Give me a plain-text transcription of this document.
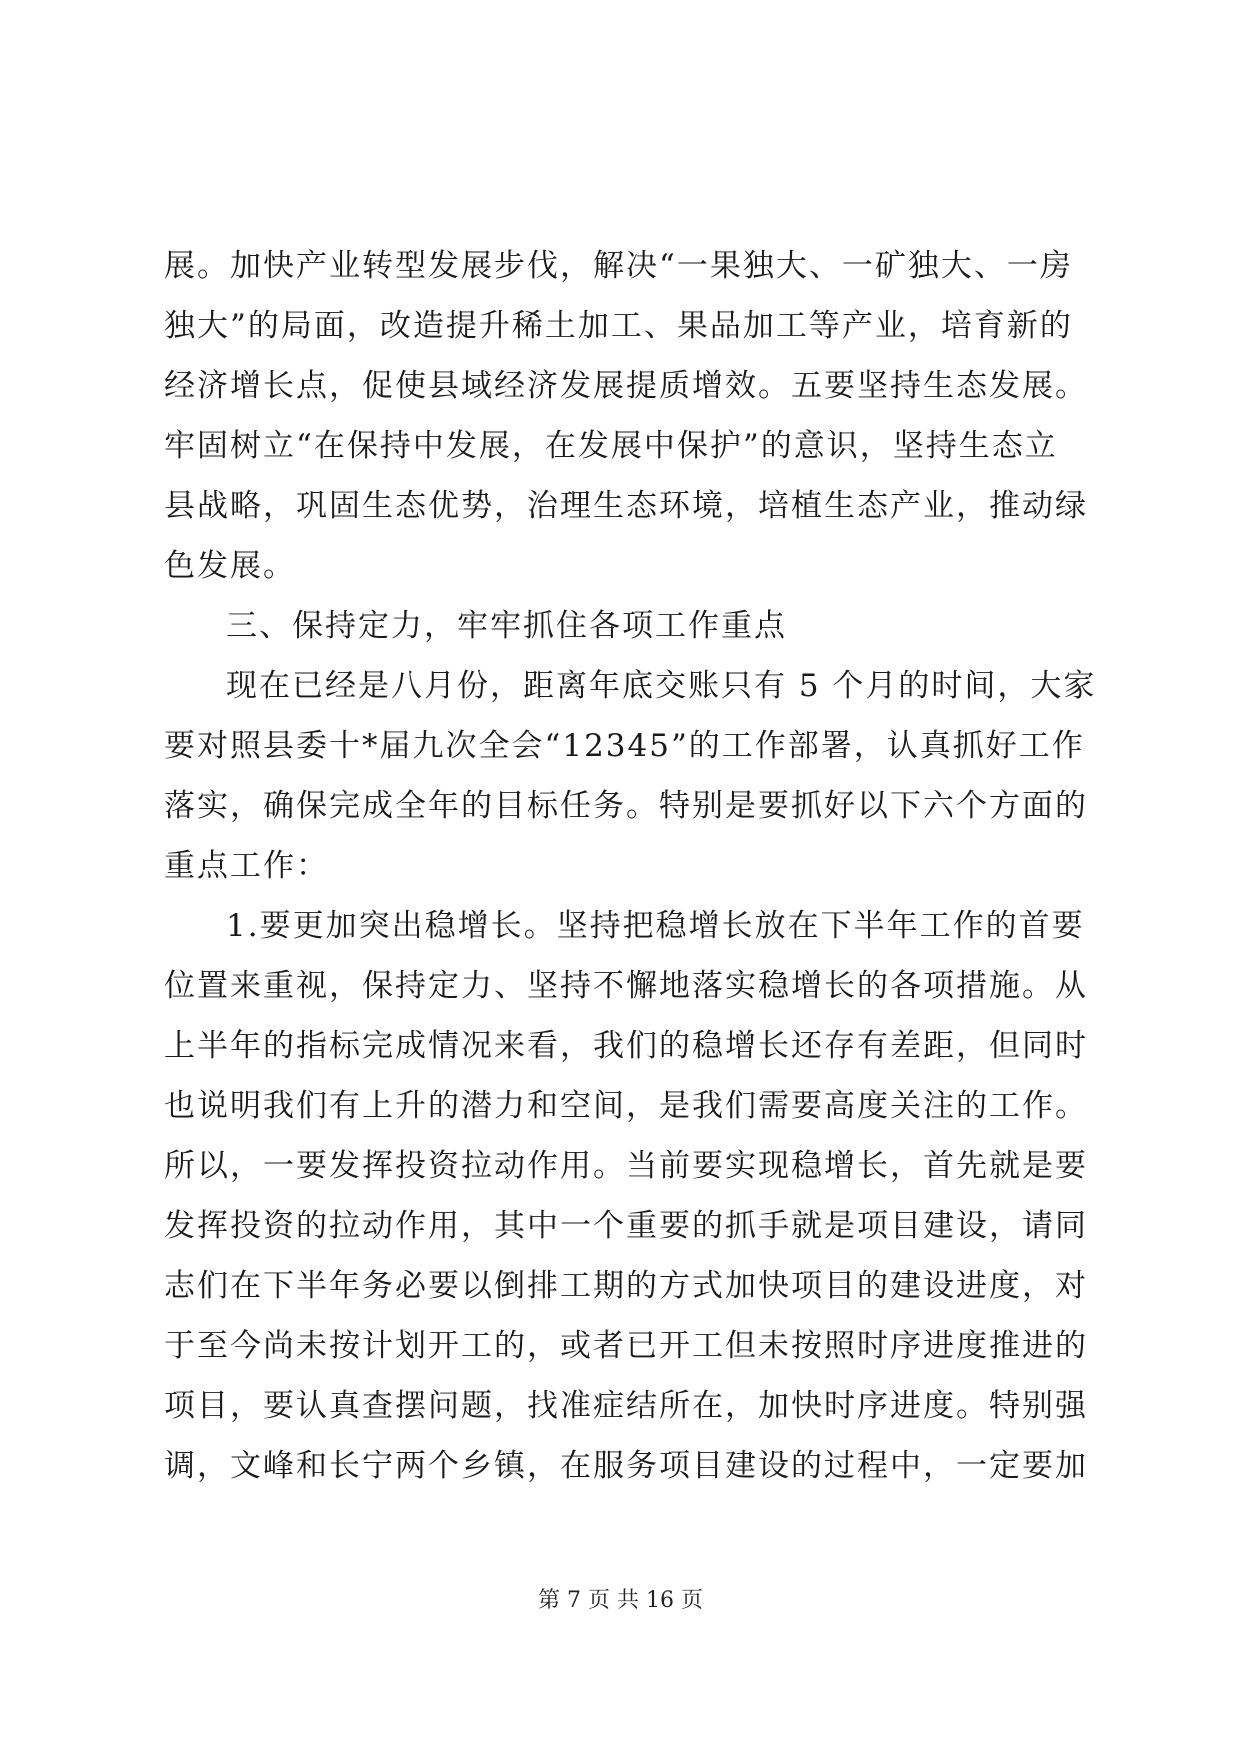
展。加快产业转型发展步伐，解决“一果独大、一矿独大、一房
独大”的局面，改造提升稀土加工、果品加工等产业，培育新的
经济增长点，促使县域经济发展提质增效。五要坚持生态发展。
牢固树立“在保持中发展，在发展中保护”的意识，坚持生态立
县战略，巩固生态优势，治理生态环境，培植生态产业，推动绿
色发展。
三、保持定力，牢牢抓住各项工作重点
现在已经是八月份，距离年底交账只有 5 个月的时间，大家
要对照县委十*届九次全会“12345”的工作部署，认真抓好工作
落实，确保完成全年的目标任务。特别是要抓好以下六个方面的
重点工作：
1.要更加突出稳增长。坚持把稳增长放在下半年工作的首要
位置来重视，保持定力、坚持不懈地落实稳增长的各项措施。从
上半年的指标完成情况来看，我们的稳增长还存有差距，但同时
也说明我们有上升的潜力和空间，是我们需要高度关注的工作。
所以，一要发挥投资拉动作用。当前要实现稳增长，首先就是要
发挥投资的拉动作用，其中一个重要的抓手就是项目建设，请同
志们在下半年务必要以倒排工期的方式加快项目的建设进度，对
于至今尚未按计划开工的，或者已开工但未按照时序进度推进的
项目，要认真查摆问题，找准症结所在，加快时序进度。特别强
调，文峰和长宁两个乡镇，在服务项目建设的过程中，一定要加
第 7 页 共 16 页
